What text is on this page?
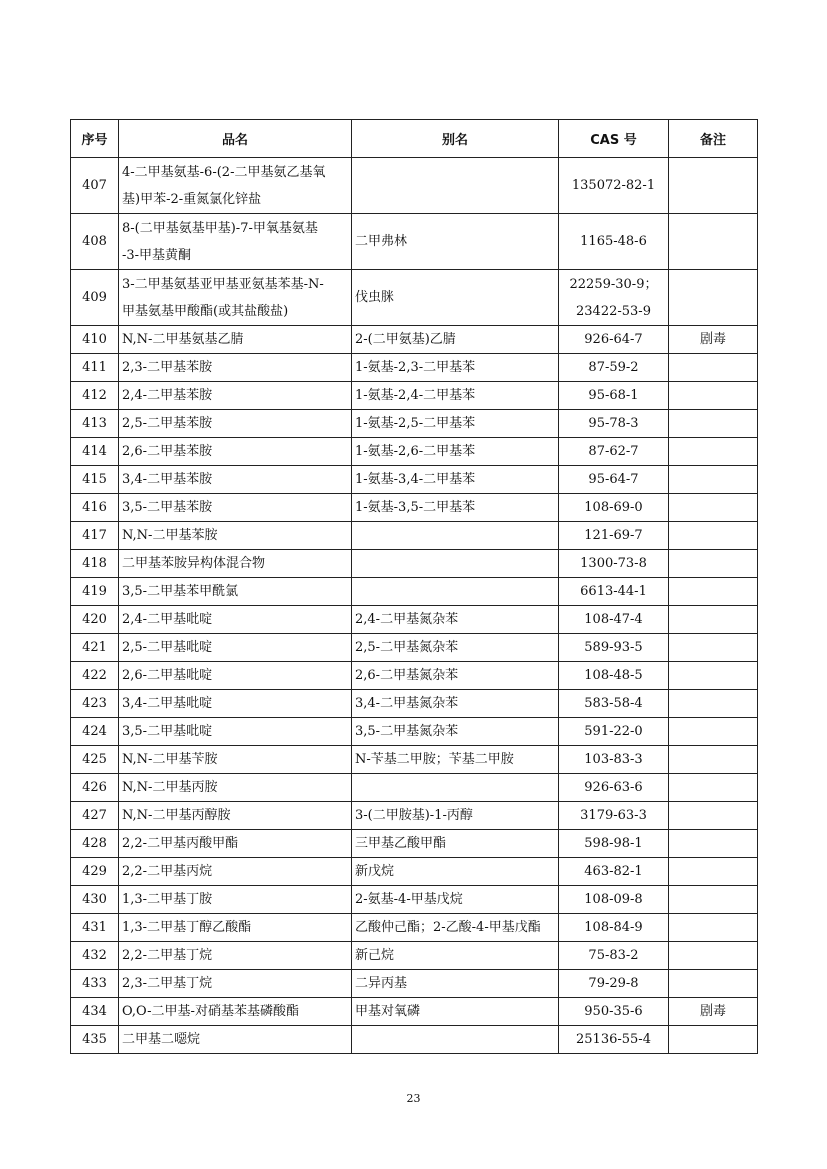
序号	品名	别名	CAS 号	备注
407	4-二甲基氨基-6-(2-二甲基氨乙基氧
基)甲苯-2-重氮氯化锌盐		135072-82-1	

408	8-(二甲基氨基甲基)-7-甲氧基氨基
-3-甲基黄酮	二甲弗林	1165-48-6	

409	3-二甲基氨基亚甲基亚氨基苯基-N-
甲基氨基甲酸酯(或其盐酸盐)	伐虫脒	22259-30-9；
23422-53-9	

410	N,N-二甲基氨基乙腈	2-(二甲氨基)乙腈	926-64-7	剧毒
411	2,3-二甲基苯胺	1-氨基-2,3-二甲基苯	87-59-2	

412	2,4-二甲基苯胺	1-氨基-2,4-二甲基苯	95-68-1	

413	2,5-二甲基苯胺	1-氨基-2,5-二甲基苯	95-78-3	

414	2,6-二甲基苯胺	1-氨基-2,6-二甲基苯	87-62-7	

415	3,4-二甲基苯胺	1-氨基-3,4-二甲基苯	95-64-7	

416	3,5-二甲基苯胺	1-氨基-3,5-二甲基苯	108-69-0	

417	N,N-二甲基苯胺		121-69-7	

418	二甲基苯胺异构体混合物		1300-73-8	

419	3,5-二甲基苯甲酰氯		6613-44-1	

420	2,4-二甲基吡啶	2,4-二甲基氮杂苯	108-47-4	

421	2,5-二甲基吡啶	2,5-二甲基氮杂苯	589-93-5	

422	2,6-二甲基吡啶	2,6-二甲基氮杂苯	108-48-5	

423	3,4-二甲基吡啶	3,4-二甲基氮杂苯	583-58-4	

424	3,5-二甲基吡啶	3,5-二甲基氮杂苯	591-22-0	

425	N,N-二甲基苄胺	N-苄基二甲胺；苄基二甲胺	103-83-3	

426	N,N-二甲基丙胺		926-63-6	

427	N,N-二甲基丙醇胺	3-(二甲胺基)-1-丙醇	3179-63-3	

428	2,2-二甲基丙酸甲酯	三甲基乙酸甲酯	598-98-1	

429	2,2-二甲基丙烷	新戊烷	463-82-1	

430	1,3-二甲基丁胺	2-氨基-4-甲基戊烷	108-09-8	

431	1,3-二甲基丁醇乙酸酯	乙酸仲己酯；2-乙酸-4-甲基戊酯	108-84-9	

432	2,2-二甲基丁烷	新己烷	75-83-2	

433	2,3-二甲基丁烷	二异丙基	79-29-8	

434	O,O-二甲基-对硝基苯基磷酸酯	甲基对氧磷	950-35-6	剧毒
435	二甲基二噁烷		25136-55-4	

23
